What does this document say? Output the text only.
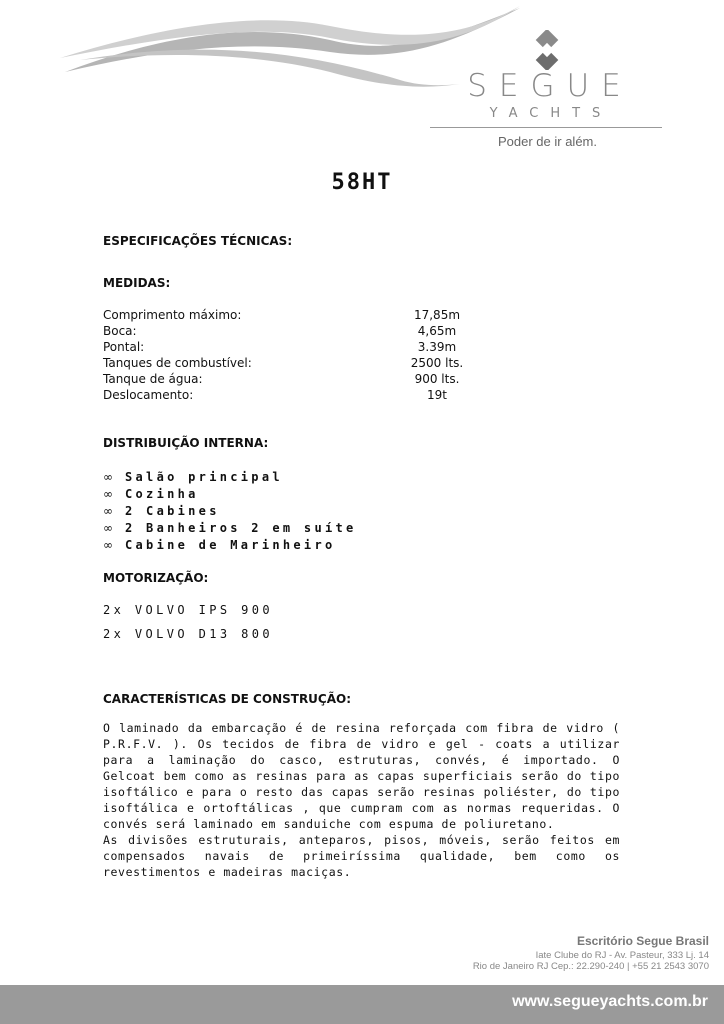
SEGUE
YACHTS
Poder de ir além.
58HT
ESPECIFICAÇÕES TÉCNICAS:
MEDIDAS:
Comprimento máximo:	17,85m
Boca:	4,65m
Pontal:	3.39m
Tanques de combustível:	2500 lts.
Tanque de água:	900 lts.
Deslocamento:	19t
DISTRIBUIÇÃO INTERNA:
∞ Salão principal
∞ Cozinha
∞ 2 Cabines
∞ 2 Banheiros 2 em suíte
∞ Cabine de Marinheiro
MOTORIZAÇÃO:
2x VOLVO IPS 900
2x VOLVO D13 800
CARACTERÍSTICAS DE CONSTRUÇÃO:

O laminado da embarcação é de resina reforçada com fibra de vidro ( P.R.F.V. ). Os tecidos de fibra de vidro e gel - coats a utilizar para a laminação do casco, estruturas, convés, é importado. O Gelcoat bem como as resinas para as capas superficiais serão do tipo isoftálico e para o resto das capas serão resinas poliéster, do tipo isoftálica e ortoftálicas , que cumpram com as normas requeridas. O convés será laminado em sanduiche com espuma de poliuretano.

As divisões estruturais, anteparos, pisos, móveis, serão feitos em compensados navais de primeiríssima qualidade, bem como os revestimentos e madeiras maciças.

Escritório Segue Brasil
Iate Clube do RJ - Av. Pasteur, 333 Lj. 14
Rio de Janeiro RJ Cep.: 22.290-240 | +55 21 2543 3070
www.segueyachts.com.br
